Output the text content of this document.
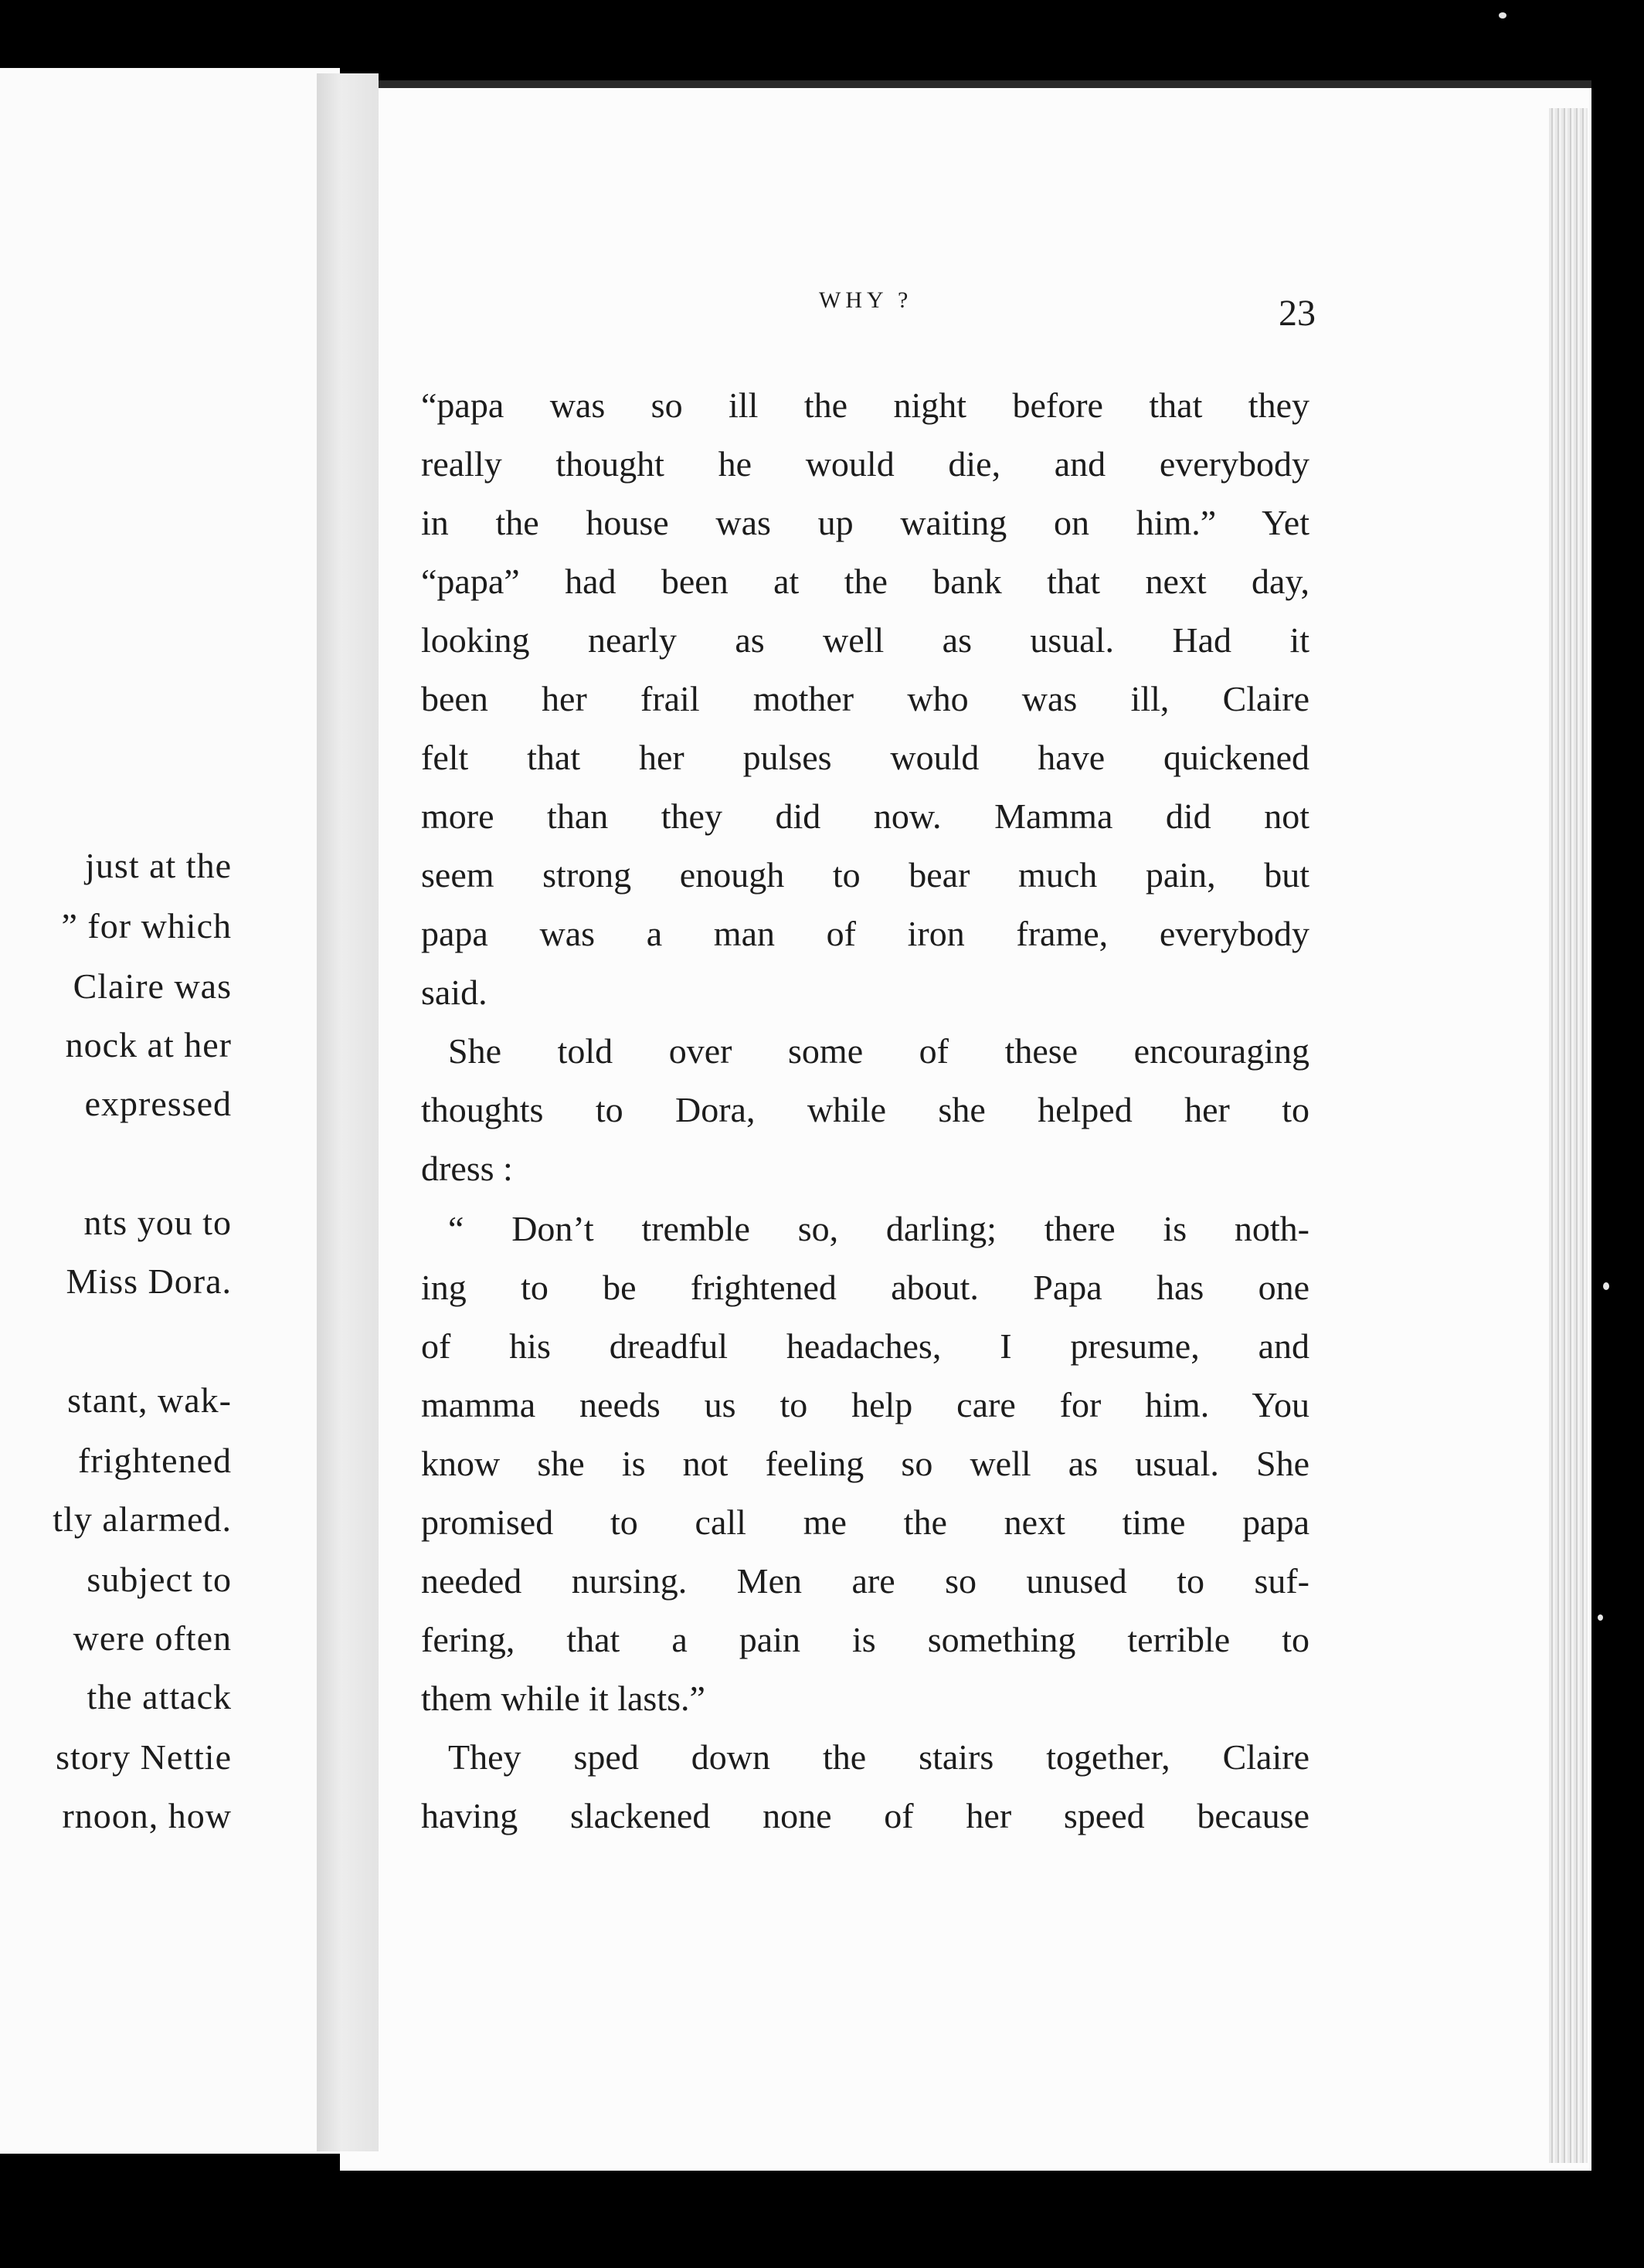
just at the
” for which
Claire was
nock at her
expressed
nts you to
Miss Dora.
stant, wak-
frightened
tly alarmed.
subject to
were often
the attack
story Nettie
rnoon, how
WHY ?	23
“papa was so ill the night before that they
really thought he would die, and everybody
in the house was up waiting on him.” Yet
“papa” had been at the bank that next day,
looking nearly as well as usual. Had it
been her frail mother who was ill, Claire
felt that her pulses would have quickened
more than they did now. Mamma did not
seem strong enough to bear much pain, but
papa was a man of iron frame, everybody
said.
She told over some of these encouraging
thoughts to Dora, while she helped her to
dress :
“ Don’t tremble so, darling; there is noth-
ing to be frightened about. Papa has one
of his dreadful headaches, I presume, and
mamma needs us to help care for him. You
know she is not feeling so well as usual. She
promised to call me the next time papa
needed nursing. Men are so unused to suf-
fering, that a pain is something terrible to
them while it lasts.”
They sped down the stairs together, Claire
having slackened none of her speed because
